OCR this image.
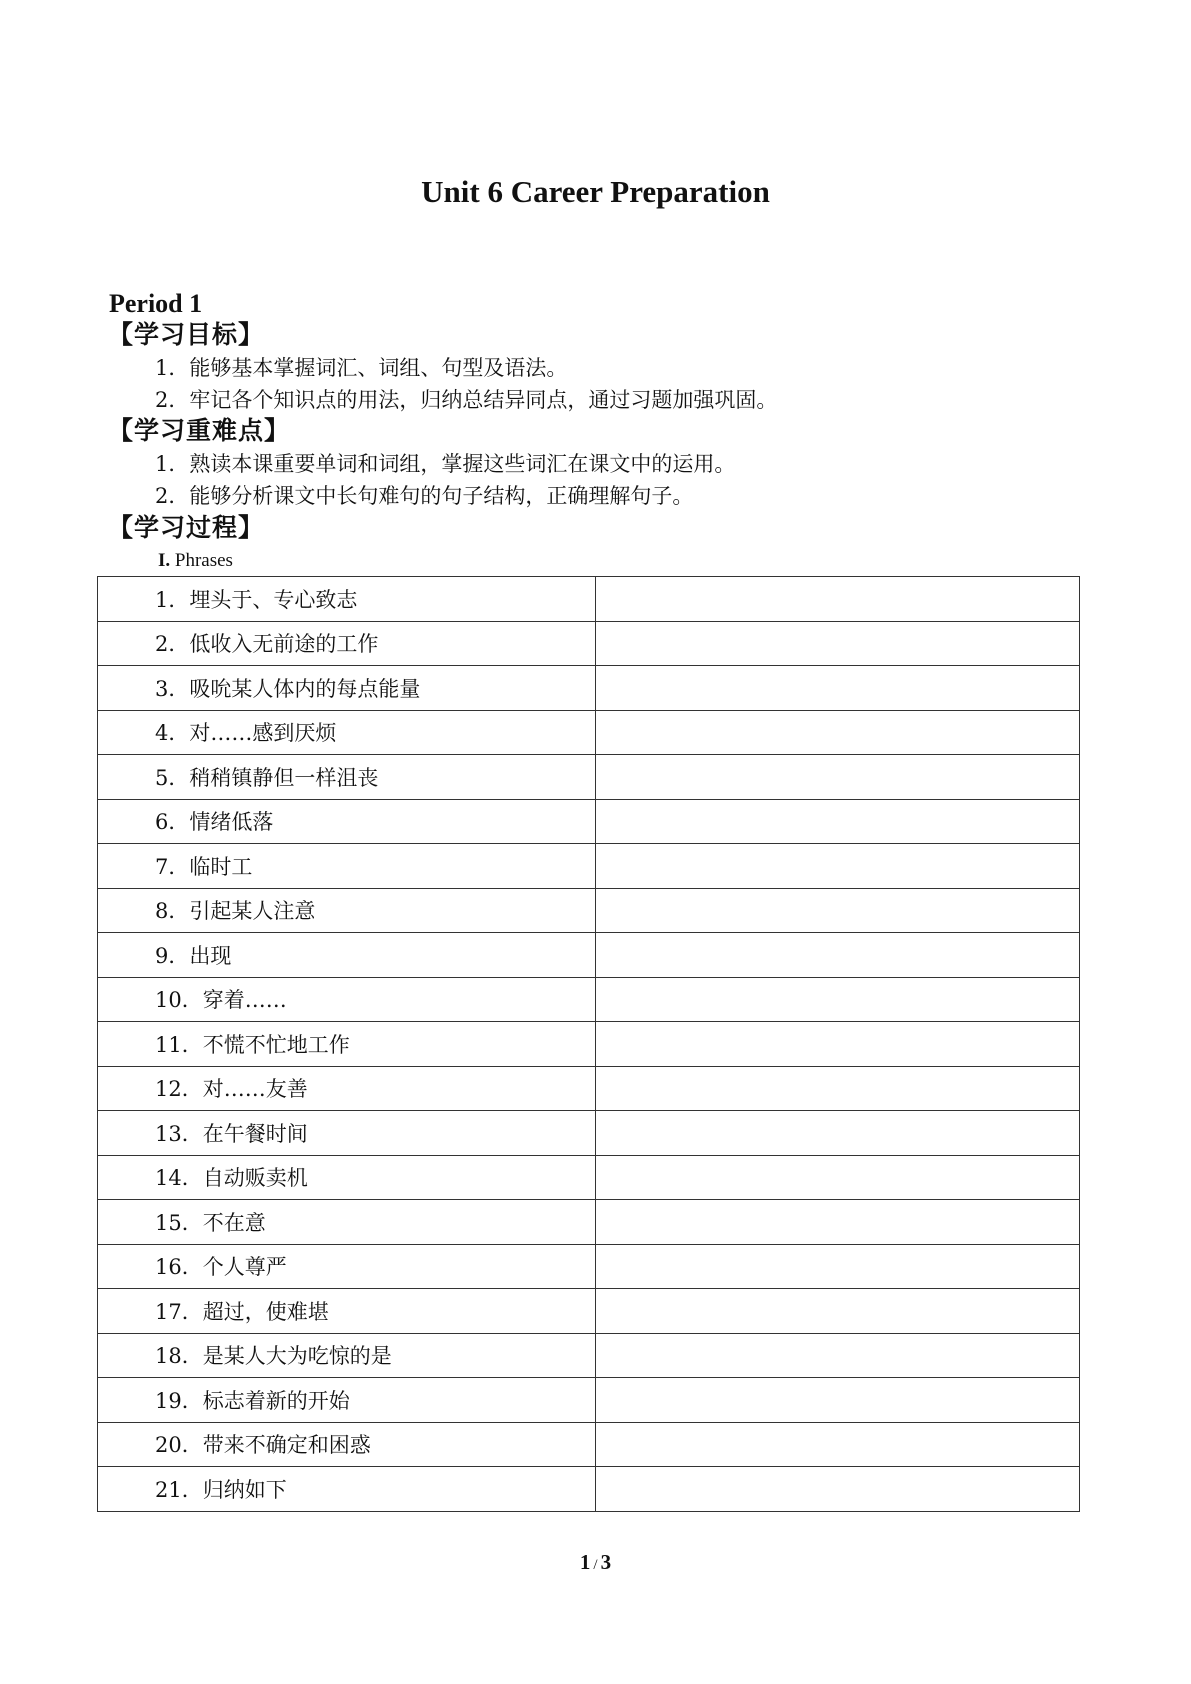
Unit 6 Career Preparation
Period 1
【学习目标】
1．能够基本掌握词汇、词组、句型及语法。
2．牢记各个知识点的用法，归纳总结异同点，通过习题加强巩固。
【学习重难点】
1．熟读本课重要单词和词组，掌握这些词汇在课文中的运用。
2．能够分析课文中长句难句的句子结构，正确理解句子。
【学习过程】
I. Phrases
1．埋头于、专心致志	
2．低收入无前途的工作	
3．吸吮某人体内的每点能量	
4．对……感到厌烦	
5．稍稍镇静但一样沮丧	
6．情绪低落	
7．临时工	
8．引起某人注意	
9．出现	
10．穿着……	
11．不慌不忙地工作	
12．对……友善	
13．在午餐时间	
14．自动贩卖机	
15．不在意	
16．个人尊严	
17．超过，使难堪	
18．是某人大为吃惊的是	
19．标志着新的开始	
20．带来不确定和困惑	
21．归纳如下	
1 / 3
